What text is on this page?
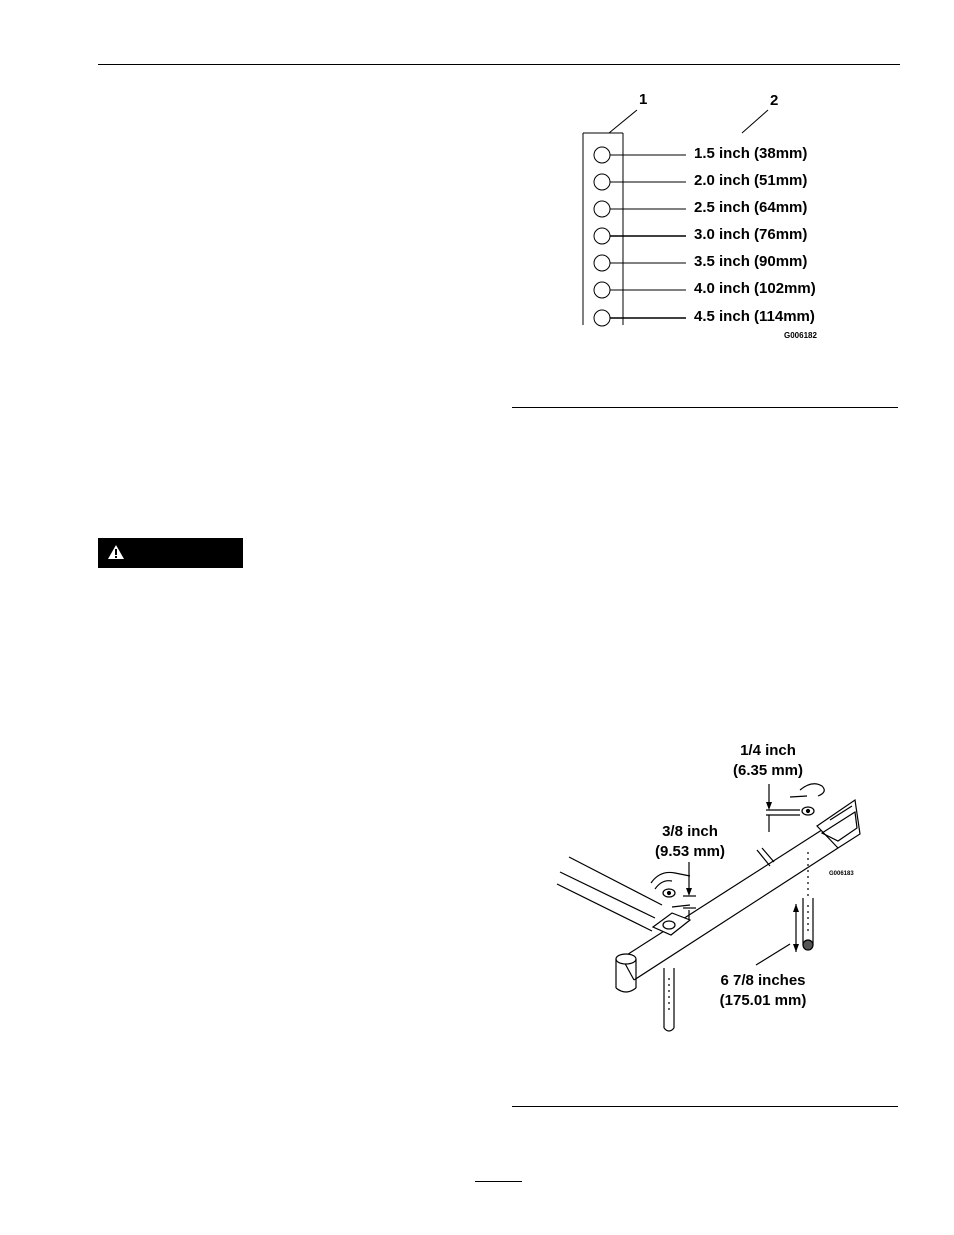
1	2
1.5 inch (38mm)
2.0 inch (51mm)
2.5 inch (64mm)
3.0 inch (76mm)
3.5 inch (90mm)
4.0 inch (102mm)
4.5 inch (114mm)
G006182
1/4 inch
(6.35 mm)
3/8 inch
(9.53 mm)
6 7/8 inches
(175.01 mm)
G006183
